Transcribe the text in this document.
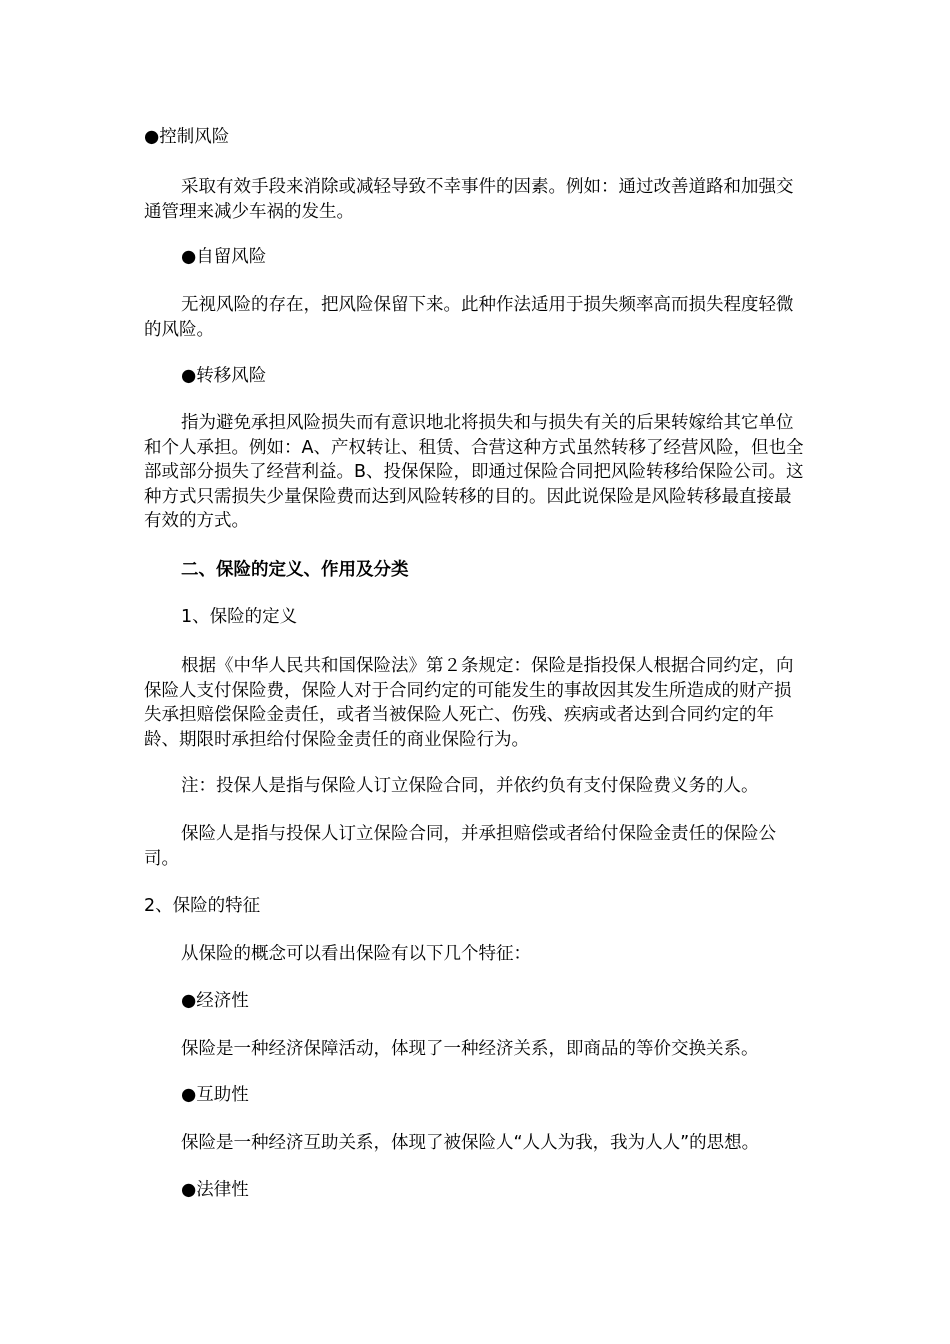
●控制风险
采取有效手段来消除或减轻导致不幸事件的因素。例如：通过改善道路和加强交通管理来减少车祸的发生。
●自留风险
无视风险的存在，把风险保留下来。此种作法适用于损失频率高而损失程度轻微的风险。
●转移风险
指为避免承担风险损失而有意识地北将损失和与损失有关的后果转嫁给其它单位和个人承担。例如：A、产权转让、租赁、合营这种方式虽然转移了经营风险，但也全部或部分损失了经营利益。B、投保保险，即通过保险合同把风险转移给保险公司。这种方式只需损失少量保险费而达到风险转移的目的。因此说保险是风险转移最直接最有效的方式。
二、保险的定义、作用及分类
1、保险的定义
根据《中华人民共和国保险法》第２条规定：保险是指投保人根据合同约定，向保险人支付保险费，保险人对于合同约定的可能发生的事故因其发生所造成的财产损失承担赔偿保险金责任，或者当被保险人死亡、伤残、疾病或者达到合同约定的年龄、期限时承担给付保险金责任的商业保险行为。
注：投保人是指与保险人订立保险合同，并依约负有支付保险费义务的人。
保险人是指与投保人订立保险合同，并承担赔偿或者给付保险金责任的保险公司。
2、保险的特征
从保险的概念可以看出保险有以下几个特征：
●经济性
保险是一种经济保障活动，体现了一种经济关系，即商品的等价交换关系。
●互助性
保险是一种经济互助关系，体现了被保险人“人人为我，我为人人”的思想。
●法律性
